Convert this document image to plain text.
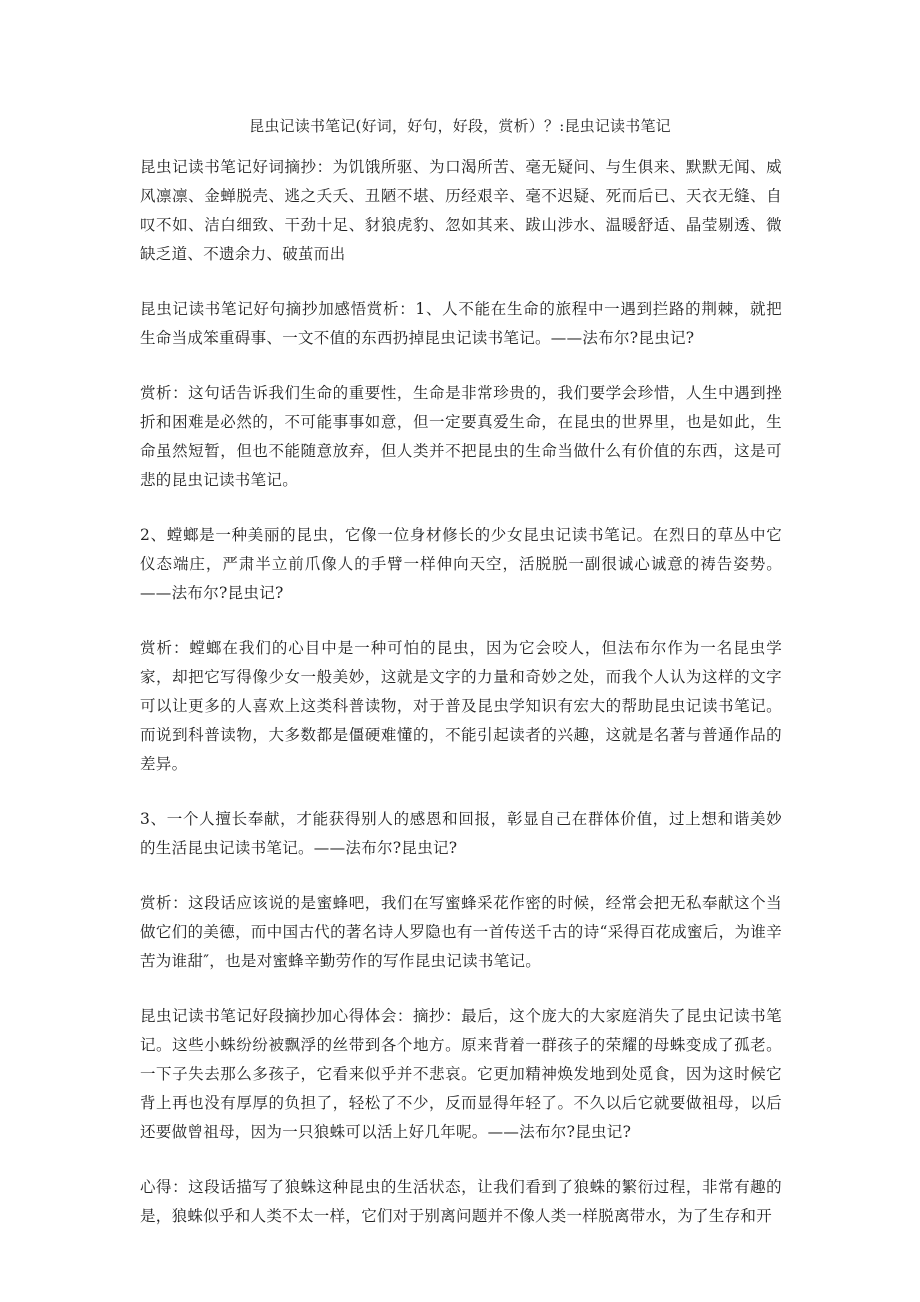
昆虫记读书笔记(好词，好句，好段，赏析）？:昆虫记读书笔记

昆虫记读书笔记好词摘抄：为饥饿所驱、为口渴所苦、毫无疑问、与生俱来、默默无闻、威风凛凛、金蝉脱壳、逃之夭夭、丑陋不堪、历经艰辛、毫不迟疑、死而后已、天衣无缝、自叹不如、洁白细致、干劲十足、豺狼虎豹、忽如其来、跋山涉水、温暖舒适、晶莹剔透、微缺乏道、不遗余力、破茧而出

昆虫记读书笔记好句摘抄加感悟赏析：1、人不能在生命的旅程中一遇到拦路的荆棘，就把生命当成笨重碍事、一文不值的东西扔掉昆虫记读书笔记。——法布尔?昆虫记?

赏析：这句话告诉我们生命的重要性，生命是非常珍贵的，我们要学会珍惜，人生中遇到挫折和困难是必然的，不可能事事如意，但一定要真爱生命，在昆虫的世界里，也是如此，生命虽然短暂，但也不能随意放弃，但人类并不把昆虫的生命当做什么有价值的东西，这是可悲的昆虫记读书笔记。

2、螳螂是一种美丽的昆虫，它像一位身材修长的少女昆虫记读书笔记。在烈日的草丛中它仪态端庄，严肃半立前爪像人的手臂一样伸向天空，活脱脱一副很诚心诚意的祷告姿势。——法布尔?昆虫记?

赏析：螳螂在我们的心目中是一种可怕的昆虫，因为它会咬人，但法布尔作为一名昆虫学家，却把它写得像少女一般美妙，这就是文字的力量和奇妙之处，而我个人认为这样的文字可以让更多的人喜欢上这类科普读物，对于普及昆虫学知识有宏大的帮助昆虫记读书笔记。而说到科普读物，大多数都是僵硬难懂的，不能引起读者的兴趣，这就是名著与普通作品的差异。

3、一个人擅长奉献，才能获得别人的感恩和回报，彰显自己在群体价值，过上想和谐美妙的生活昆虫记读书笔记。——法布尔?昆虫记?

赏析：这段话应该说的是蜜蜂吧，我们在写蜜蜂采花作密的时候，经常会把无私奉献这个当做它们的美德，而中国古代的著名诗人罗隐也有一首传送千古的诗“采得百花成蜜后，为谁辛苦为谁甜″，也是对蜜蜂辛勤劳作的写作昆虫记读书笔记。

昆虫记读书笔记好段摘抄加心得体会：摘抄：最后，这个庞大的大家庭消失了昆虫记读书笔记。这些小蛛纷纷被飘浮的丝带到各个地方。原来背着一群孩子的荣耀的母蛛变成了孤老。一下子失去那么多孩子，它看来似乎并不悲哀。它更加精神焕发地到处觅食，因为这时候它背上再也没有厚厚的负担了，轻松了不少，反而显得年轻了。不久以后它就要做祖母，以后还要做曾祖母，因为一只狼蛛可以活上好几年呢。——法布尔?昆虫记?

心得：这段话描写了狼蛛这种昆虫的生活状态，让我们看到了狼蛛的繁衍过程，非常有趣的是，狼蛛似乎和人类不太一样，它们对于别离问题并不像人类一样脱离带水，为了生存和开
